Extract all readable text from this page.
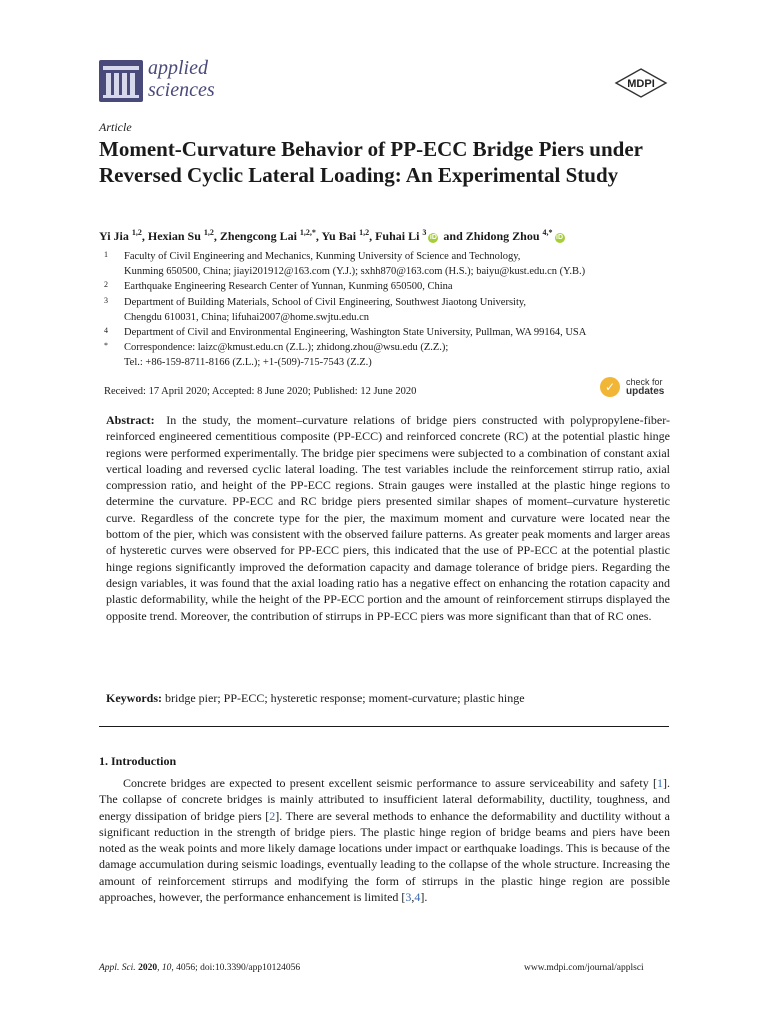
applied
sciences	MDPI
Article
Moment-Curvature Behavior of PP-ECC Bridge Piers under Reversed Cyclic Lateral Loading: An Experimental Study
Yi Jia $^{1,2}$, Hexian Su $^{1,2}$, Zhengcong Lai $^{1,2,*}$, Yu Bai $^{1,2}$, Fuhai Li $^3$iD and Zhidong Zhou $^{4,*}$iD
1 Faculty of Civil Engineering and Mechanics, Kunming University of Science and Technology,
Kunming 650500, China; jiayi201912@163.com (Y.J.); sxhh870@163.com (H.S.); baiyu@kust.edu.cn (Y.B.)
2 Earthquake Engineering Research Center of Yunnan, Kunming 650500, China
3 Department of Building Materials, School of Civil Engineering, Southwest Jiaotong University,
Chengdu 610031, China; lifuhai2007@home.swjtu.edu.cn
4 Department of Civil and Environmental Engineering, Washington State University, Pullman, WA 99164, USA
* Correspondence: laizc@kmust.edu.cn (Z.L.); zhidong.zhou@wsu.edu (Z.Z.);
Tel.: +86-159-8711-8166 (Z.L.); +1-(509)-715-7543 (Z.Z.)
Received: 17 April 2020; Accepted: 8 June 2020; Published: 12 June 2020	✓ check for
updates
Abstract: In the study, the moment–curvature relations of bridge piers constructed with polypropylene-fiber-reinforced engineered cementitious composite (PP-ECC) and reinforced concrete (RC) at the potential plastic hinge regions were performed experimentally. The bridge pier specimens were subjected to a combination of constant axial vertical loading and reversed cyclic lateral loading. The test variables include the reinforcement stirrup ratio, axial compression ratio, and height of the PP-ECC regions. Strain gauges were installed at the plastic hinge regions to determine the curvature. PP-ECC and RC bridge piers presented similar shapes of moment–curvature hysteretic curve. Regardless of the concrete type for the pier, the maximum moment and curvature were located near the bottom of the pier, which was consistent with the observed failure patterns. As greater peak moments and larger areas of hysteretic curves were observed for PP-ECC piers, this indicated that the use of PP-ECC at the potential plastic hinge regions significantly improved the deformation capacity and damage tolerance of bridge piers. Regarding the design variables, it was found that the axial loading ratio has a negative effect on enhancing the rotation capacity and plastic deformability, while the height of the PP-ECC portion and the amount of reinforcement stirrups displayed the opposite trend. Moreover, the contribution of stirrups in PP-ECC piers was more significant than that of RC ones.
Keywords: bridge pier; PP-ECC; hysteretic response; moment-curvature; plastic hinge
1. Introduction
Concrete bridges are expected to present excellent seismic performance to assure serviceability and safety [1]. The collapse of concrete bridges is mainly attributed to insufficient lateral deformability, ductility, toughness, and energy dissipation of bridge piers [2]. There are several methods to enhance the deformability and ductility without a significant reduction in the strength of bridge piers. The plastic hinge region of bridge beams and piers have been noted as the weak points and more likely damage locations under impact or earthquake loadings. This is because of the damage accumulation during seismic loadings, eventually leading to the collapse of the whole structure. Increasing the amount of reinforcement stirrups and modifying the form of stirrups in the plastic hinge region are possible approaches, however, the performance enhancement is limited [3,4].
Appl. Sci. 2020, 10, 4056; doi:10.3390/app10124056	www.mdpi.com/journal/applsci
